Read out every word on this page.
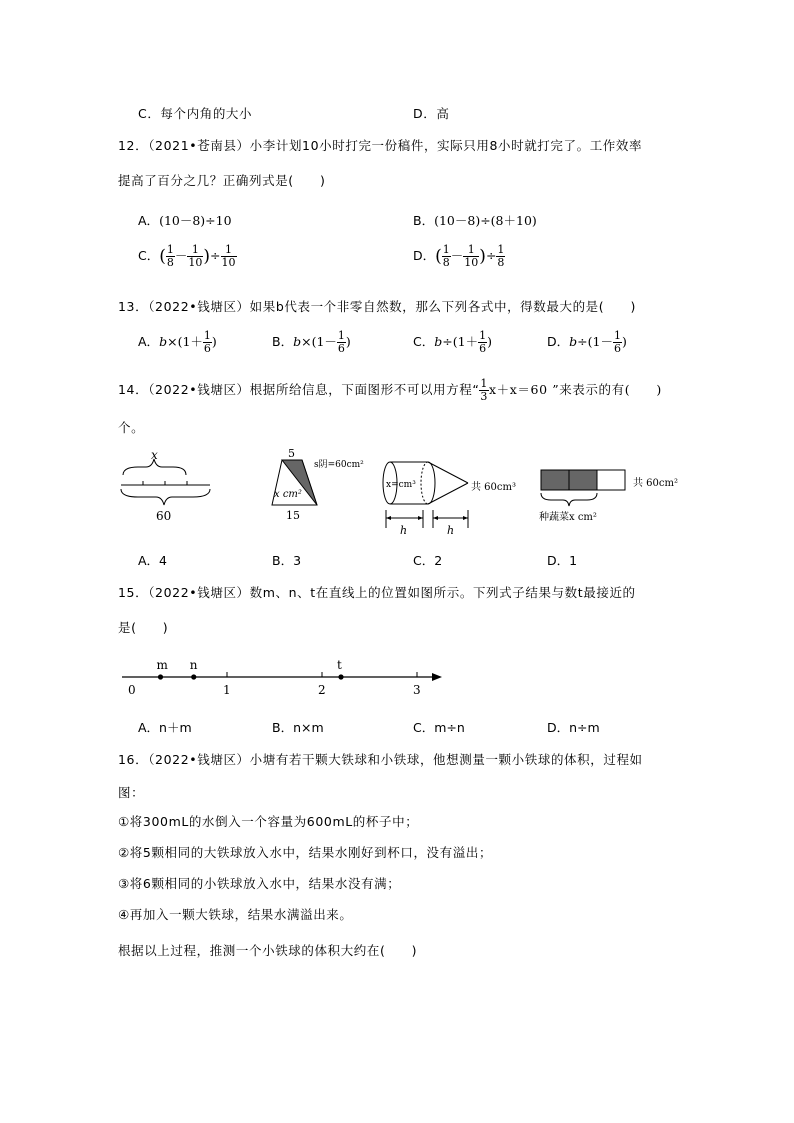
C．每个内角的大小	D．高
12．（2021•苍南县）小李计划10小时打完一份稿件，实际只用8小时就打完了。工作效率
提高了百分之几？正确列式是(　　)
A．(10－8)÷10	B．(10－8)÷(8＋10)
C．( $\frac{1}{8} - \frac{1}{10}$ )÷ $\frac{1}{10}$	D．( $\frac{1}{8} - \frac{1}{10}$ )÷ $\frac{1}{8}$
13．（2022•钱塘区）如果b代表一个非零自然数，那么下列各式中，得数最大的是(　　)
A．$b\times(1+ \frac{1}{6}$ )	B．$b\times(1- \frac{1}{6}$ )	C．$b\div(1+ \frac{1}{6}$ )	D．$b\div(1- \frac{1}{6}$ )
14．（2022•钱塘区）根据所给信息，下面图形不可以用方程“ $\frac{1}{3} x+x=60$ ”来表示的有(　　)
个。
x
60
5
s阴=60cm²
x cm²
15
x=cm³	共 60cm³
h	h
共 60cm²
种蔬菜x cm²
A．4	B．3	C．2	D．1
15．（2022•钱塘区）数m、n、t在直线上的位置如图所示。下列式子结果与数t最接近的
是(　　)
0	1	2	3
m n	t
A．n＋m	B．n×m	C．m÷n	D．n÷m
16．（2022•钱塘区）小塘有若干颗大铁球和小铁球，他想测量一颗小铁球的体积，过程如
图：
①将300mL的水倒入一个容量为600mL的杯子中；
②将5颗相同的大铁球放入水中，结果水刚好到杯口，没有溢出；
③将6颗相同的小铁球放入水中，结果水没有满；
④再加入一颗大铁球，结果水满溢出来。
根据以上过程，推测一个小铁球的体积大约在(　　)
